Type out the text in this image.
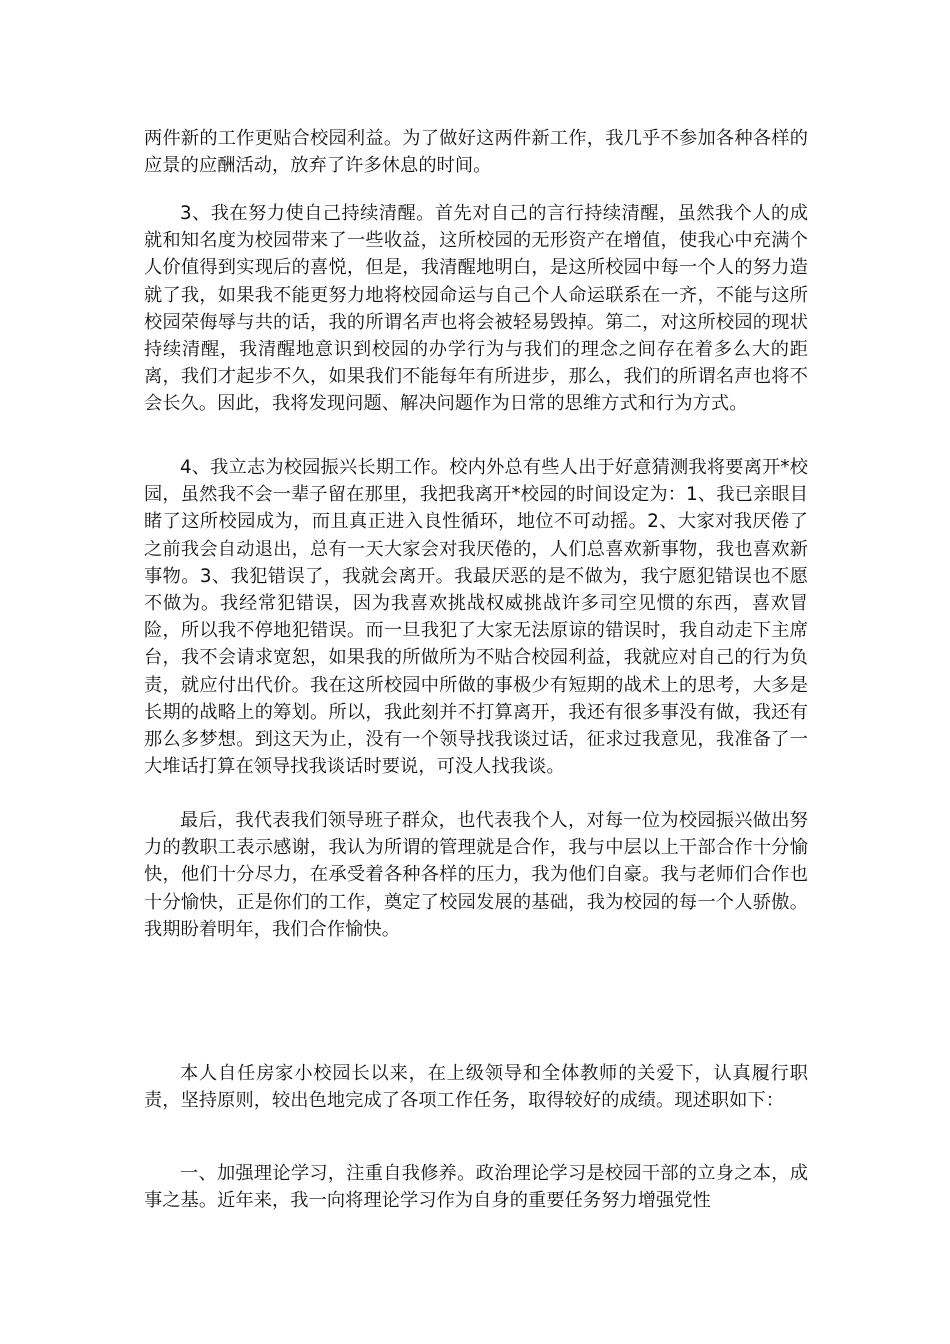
两件新的工作更贴合校园利益。为了做好这两件新工作，我几乎不参加各种各样的应景的应酬活动，放弃了许多休息的时间。

3、我在努力使自己持续清醒。首先对自己的言行持续清醒，虽然我个人的成就和知名度为校园带来了一些收益，这所校园的无形资产在增值，使我心中充满个人价值得到实现后的喜悦，但是，我清醒地明白，是这所校园中每一个人的努力造就了我，如果我不能更努力地将校园命运与自己个人命运联系在一齐，不能与这所校园荣侮辱与共的话，我的所谓名声也将会被轻易毁掉。第二，对这所校园的现状持续清醒，我清醒地意识到校园的办学行为与我们的理念之间存在着多么大的距离，我们才起步不久，如果我们不能每年有所进步，那么，我们的所谓名声也将不会长久。因此，我将发现问题、解决问题作为日常的思维方式和行为方式。

4、我立志为校园振兴长期工作。校内外总有些人出于好意猜测我将要离开*校园，虽然我不会一辈子留在那里，我把我离开*校园的时间设定为：1、我已亲眼目睹了这所校园成为，而且真正进入良性循环，地位不可动摇。2、大家对我厌倦了之前我会自动退出，总有一天大家会对我厌倦的，人们总喜欢新事物，我也喜欢新事物。3、我犯错误了，我就会离开。我最厌恶的是不做为，我宁愿犯错误也不愿不做为。我经常犯错误，因为我喜欢挑战权威挑战许多司空见惯的东西，喜欢冒险，所以我不停地犯错误。而一旦我犯了大家无法原谅的错误时，我自动走下主席台，我不会请求宽恕，如果我的所做所为不贴合校园利益，我就应对自己的行为负责，就应付出代价。我在这所校园中所做的事极少有短期的战术上的思考，大多是长期的战略上的筹划。所以，我此刻并不打算离开，我还有很多事没有做，我还有那么多梦想。到这天为止，没有一个领导找我谈过话，征求过我意见，我准备了一大堆话打算在领导找我谈话时要说，可没人找我谈。

最后，我代表我们领导班子群众，也代表我个人，对每一位为校园振兴做出努力的教职工表示感谢，我认为所谓的管理就是合作，我与中层以上干部合作十分愉快，他们十分尽力，在承受着各种各样的压力，我为他们自豪。我与老师们合作也十分愉快，正是你们的工作，奠定了校园发展的基础，我为校园的每一个人骄傲。我期盼着明年，我们合作愉快。

本人自任房家小校园长以来，在上级领导和全体教师的关爱下，认真履行职责，坚持原则，较出色地完成了各项工作任务，取得较好的成绩。现述职如下：

一、加强理论学习，注重自我修养。政治理论学习是校园干部的立身之本，成事之基。近年来，我一向将理论学习作为自身的重要任务努力增强党性
